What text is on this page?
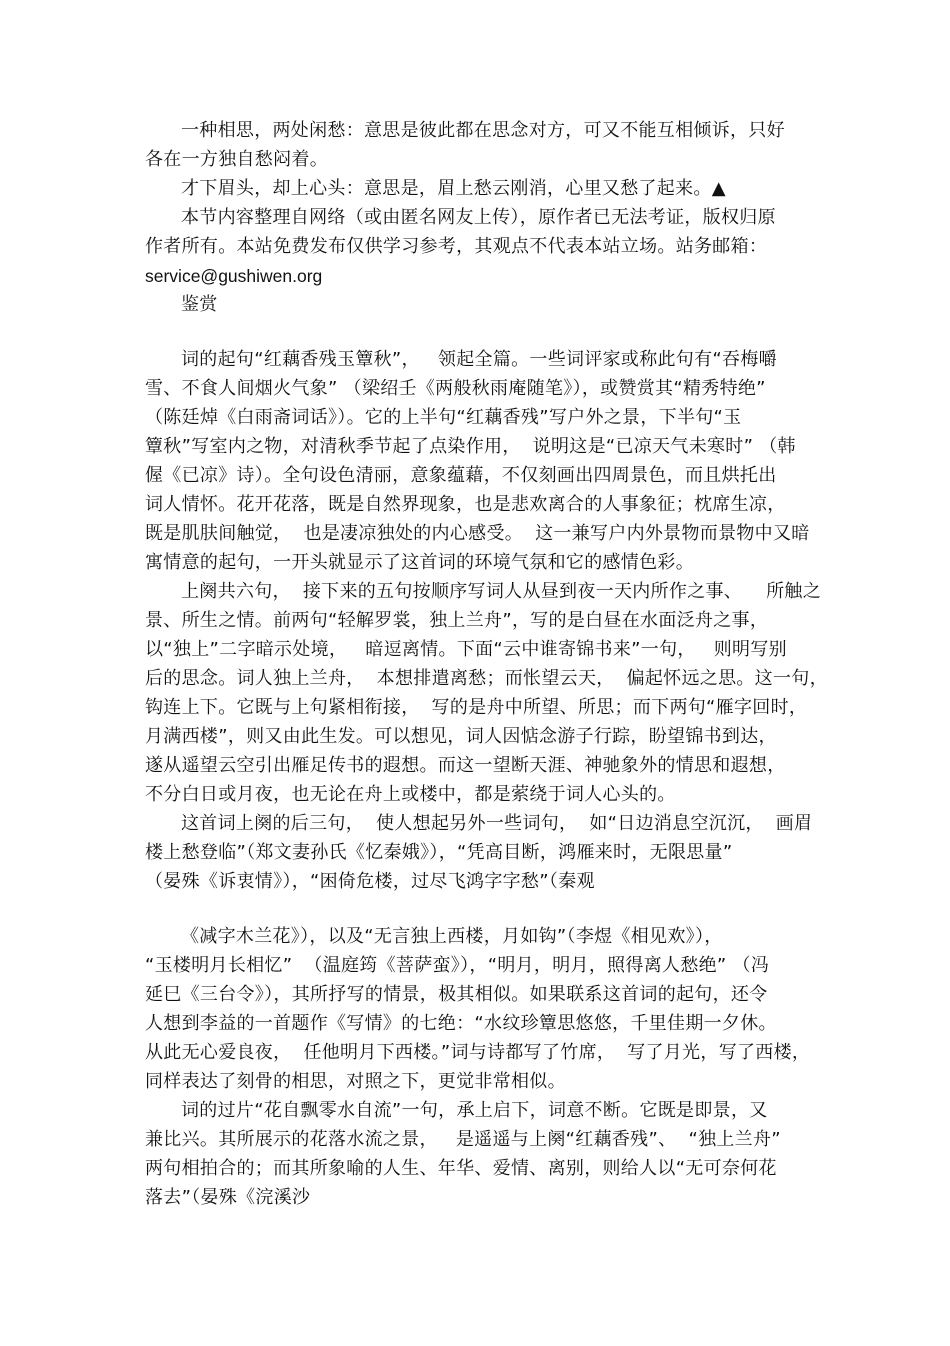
一种相思，两处闲愁：意思是彼此都在思念对方，可又不能互相倾诉，只好
各在一方独自愁闷着。
才下眉头，却上心头：意思是，眉上愁云刚消，心里又愁了起来。▲
本节内容整理自网络（或由匿名网友上传），原作者已无法考证，版权归原
作者所有。本站免费发布仅供学习参考，其观点不代表本站立场。站务邮箱：
service@gushiwen.org
鉴赏
词的起句“红藕香残玉簟秋”，   领起全篇。一些词评家或称此句有“吞梅嚼
雪、不食人间烟火气象” （梁绍壬《两般秋雨庵随笔》），或赞赏其“精秀特绝”
（陈廷焯《白雨斋词话》）。它的上半句“红藕香残”写户外之景，下半句“玉
簟秋”写室内之物，对清秋季节起了点染作用，  说明这是“已凉天气未寒时” （韩
偓《已凉》诗）。全句设色清丽，意象蕴藉，不仅刻画出四周景色，而且烘托出
词人情怀。花开花落，既是自然界现象，也是悲欢离合的人事象征；枕席生凉，
既是肌肤间触觉，  也是凄凉独处的内心感受。  这一兼写户内外景物而景物中又暗
寓情意的起句，一开头就显示了这首词的环境气氛和它的感情色彩。
上阕共六句，  接下来的五句按顺序写词人从昼到夜一天内所作之事、    所触之
景、所生之情。前两句“轻解罗裳，独上兰舟”，写的是白昼在水面泛舟之事，
以“独上”二字暗示处境，   暗逗离情。下面“云中谁寄锦书来”一句，   则明写别
后的思念。词人独上兰舟，  本想排遣离愁；而怅望云天，  偏起怀远之思。这一句，
钩连上下。它既与上句紧相衔接，  写的是舟中所望、所思；而下两句“雁字回时，
月满西楼”，则又由此生发。可以想见，词人因惦念游子行踪，盼望锦书到达，
遂从遥望云空引出雁足传书的遐想。而这一望断天涯、神驰象外的情思和遐想，
不分白日或月夜，也无论在舟上或楼中，都是萦绕于词人心头的。
这首词上阕的后三句，  使人想起另外一些词句，  如“日边消息空沉沉，  画眉
楼上愁登临”（郑文妻孙氏《忆秦娥》），“凭高目断，鸿雁来时，无限思量”
（晏殊《诉衷情》），“困倚危楼，过尽飞鸿字字愁”（秦观
《减字木兰花》），以及“无言独上西楼，月如钩”（李煜《相见欢》），
“玉楼明月长相忆”  （温庭筠《菩萨蛮》），“明月，明月，照得离人愁绝” （冯
延巳《三台令》），其所抒写的情景，极其相似。如果联系这首词的起句，还令
人想到李益的一首题作《写情》的七绝：“水纹珍簟思悠悠，千里佳期一夕休。
从此无心爱良夜，  任他明月下西楼。”词与诗都写了竹席，  写了月光，写了西楼，
同样表达了刻骨的相思，对照之下，更觉非常相似。
词的过片“花自飘零水自流”一句，承上启下，词意不断。它既是即景，又
兼比兴。其所展示的花落水流之景，   是遥遥与上阕“红藕香残”、  “独上兰舟”
两句相拍合的；而其所象喻的人生、年华、爱情、离别，则给人以“无可奈何花
落去”（晏殊《浣溪沙
